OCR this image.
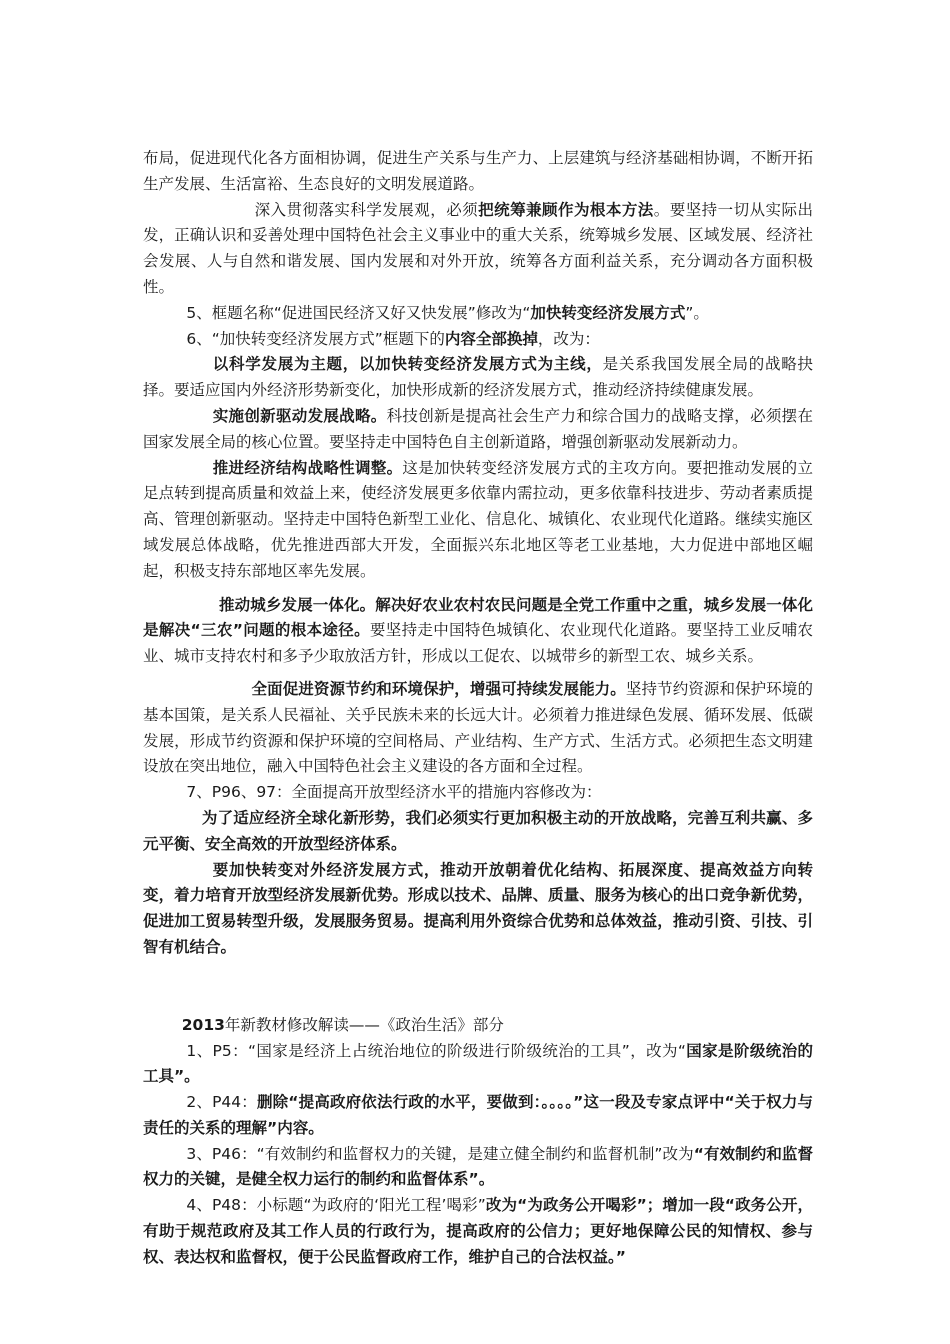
布局，促进现代化各方面相协调，促进生产关系与生产力、上层建筑与经济基础相协调，不断开拓生产发展、生活富裕、生态良好的文明发展道路。

深入贯彻落实科学发展观，必须把统筹兼顾作为根本方法。要坚持一切从实际出发，正确认识和妥善处理中国特色社会主义事业中的重大关系，统筹城乡发展、区域发展、经济社会发展、人与自然和谐发展、国内发展和对外开放，统筹各方面利益关系，充分调动各方面积极性。

5、框题名称“促进国民经济又好又快发展”修改为“加快转变经济发展方式”。

6、“加快转变经济发展方式”框题下的内容全部换掉，改为：

以科学发展为主题，以加快转变经济发展方式为主线，是关系我国发展全局的战略抉择。要适应国内外经济形势新变化，加快形成新的经济发展方式，推动经济持续健康发展。

实施创新驱动发展战略。科技创新是提高社会生产力和综合国力的战略支撑，必须摆在国家发展全局的核心位置。要坚持走中国特色自主创新道路，增强创新驱动发展新动力。

推进经济结构战略性调整。这是加快转变经济发展方式的主攻方向。要把推动发展的立足点转到提高质量和效益上来，使经济发展更多依靠内需拉动，更多依靠科技进步、劳动者素质提高、管理创新驱动。坚持走中国特色新型工业化、信息化、城镇化、农业现代化道路。继续实施区域发展总体战略，优先推进西部大开发，全面振兴东北地区等老工业基地，大力促进中部地区崛起，积极支持东部地区率先发展。

推动城乡发展一体化。解决好农业农村农民问题是全党工作重中之重，城乡发展一体化是解决“三农”问题的根本途径。要坚持走中国特色城镇化、农业现代化道路。要坚持工业反哺农业、城市支持农村和多予少取放活方针，形成以工促农、以城带乡的新型工农、城乡关系。

全面促进资源节约和环境保护，增强可持续发展能力。坚持节约资源和保护环境的基本国策，是关系人民福祉、关乎民族未来的长远大计。必须着力推进绿色发展、循环发展、低碳发展，形成节约资源和保护环境的空间格局、产业结构、生产方式、生活方式。必须把生态文明建设放在突出地位，融入中国特色社会主义建设的各方面和全过程。

7、P96、97：全面提高开放型经济水平的措施内容修改为：

为了适应经济全球化新形势，我们必须实行更加积极主动的开放战略，完善互利共赢、多元平衡、安全高效的开放型经济体系。

要加快转变对外经济发展方式，推动开放朝着优化结构、拓展深度、提高效益方向转变，着力培育开放型经济发展新优势。形成以技术、品牌、质量、服务为核心的出口竞争新优势，促进加工贸易转型升级，发展服务贸易。提高利用外资综合优势和总体效益，推动引资、引技、引智有机结合。

2013年新教材修改解读——《政治生活》部分

1、P5：“国家是经济上占统治地位的阶级进行阶级统治的工具”，改为“国家是阶级统治的工具”。

2、P44：删除“提高政府依法行政的水平，要做到：。。。。”这一段及专家点评中“关于权力与责任的关系的理解”内容。

3、P46：“有效制约和监督权力的关键，是建立健全制约和监督机制”改为“有效制约和监督权力的关键，是健全权力运行的制约和监督体系”。

4、P48：小标题“为政府的‘阳光工程’喝彩”改为“为政务公开喝彩”；增加一段“政务公开，有助于规范政府及其工作人员的行政行为，提高政府的公信力；更好地保障公民的知情权、参与权、表达权和监督权，便于公民监督政府工作，维护自己的合法权益。”
